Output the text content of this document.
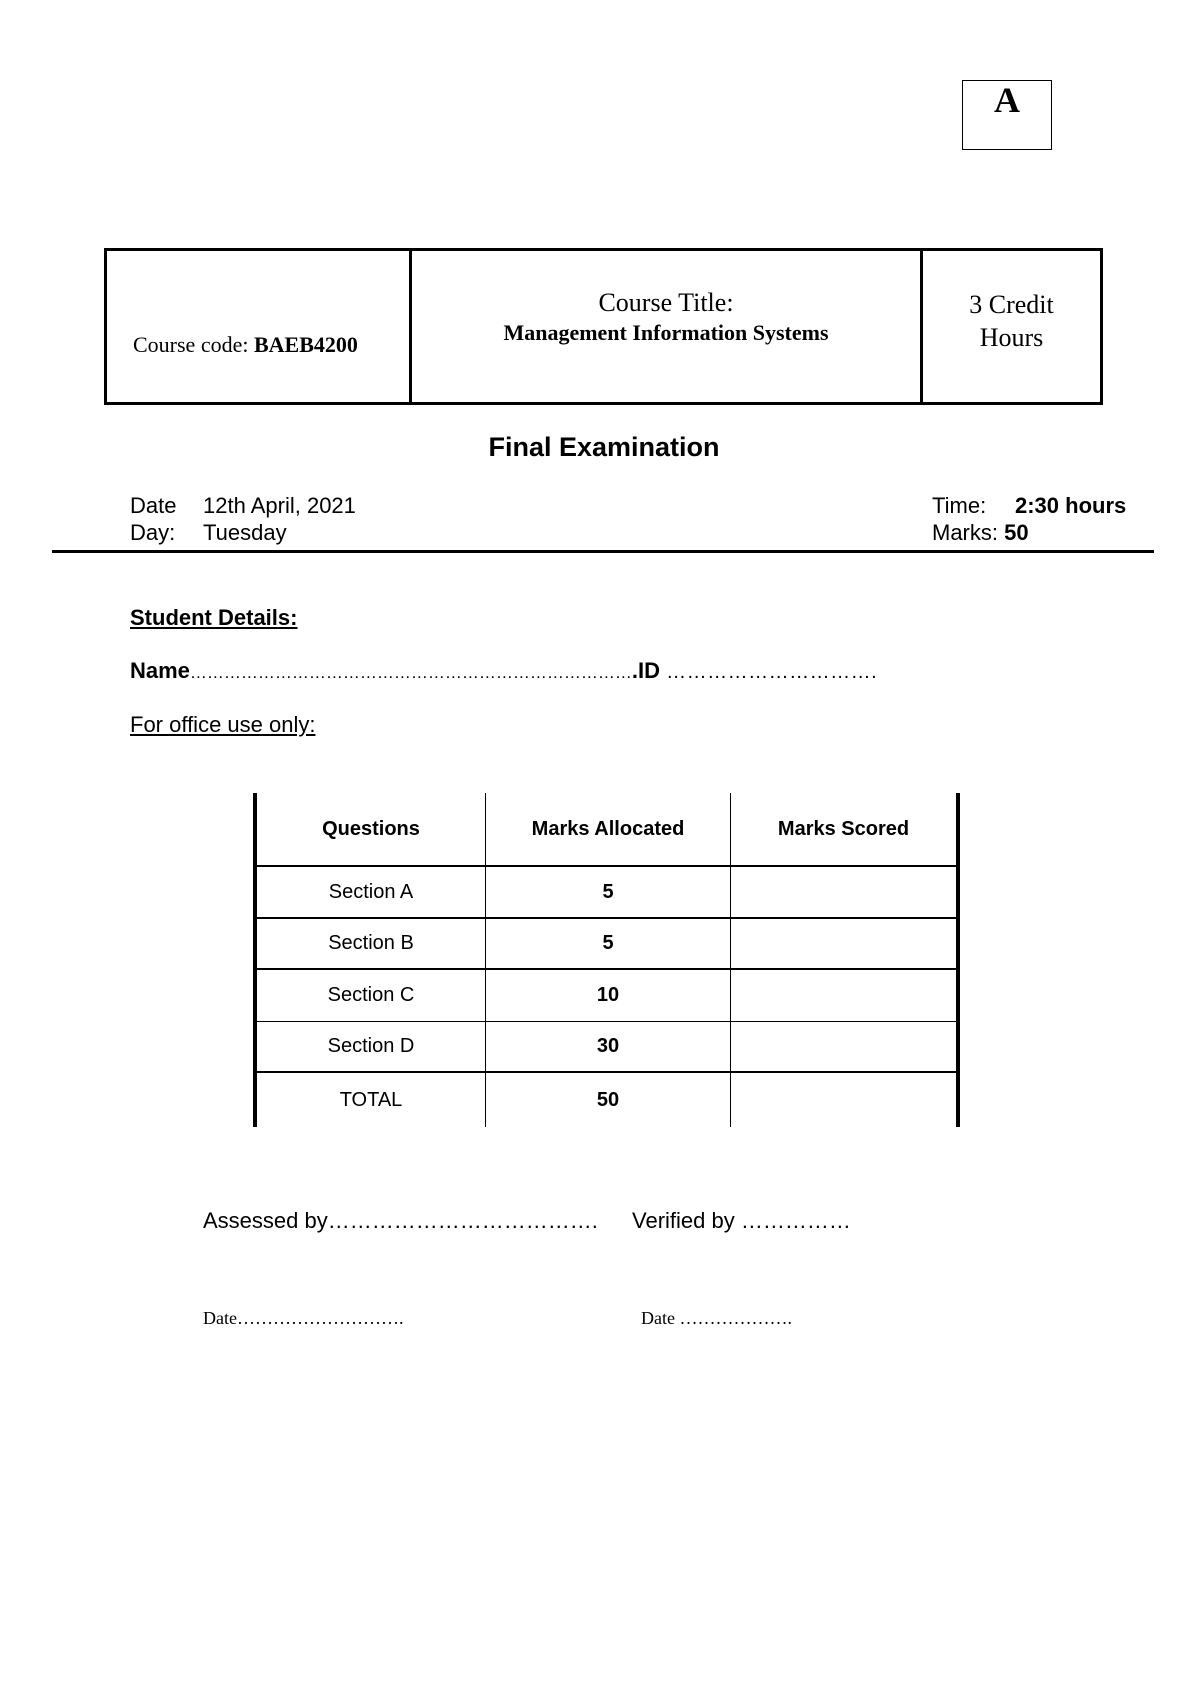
A
Course code: BAEB4200
Course Title:
Management Information Systems
3 Credit
Hours
Final Examination
Date 12th April, 2021
Day: Tuesday
Time: 2:30 hours
Marks: 50
Student Details:
Name…………………………………………………………………….ID ………………………….
For office use only:
Questions	Marks Allocated	Marks Scored
Section A	5	
Section B	5	
Section C	10	
Section D	30	
TOTAL	50	
Assessed by………………………………. Verified by ……………
Date……………………….	Date ……………….
